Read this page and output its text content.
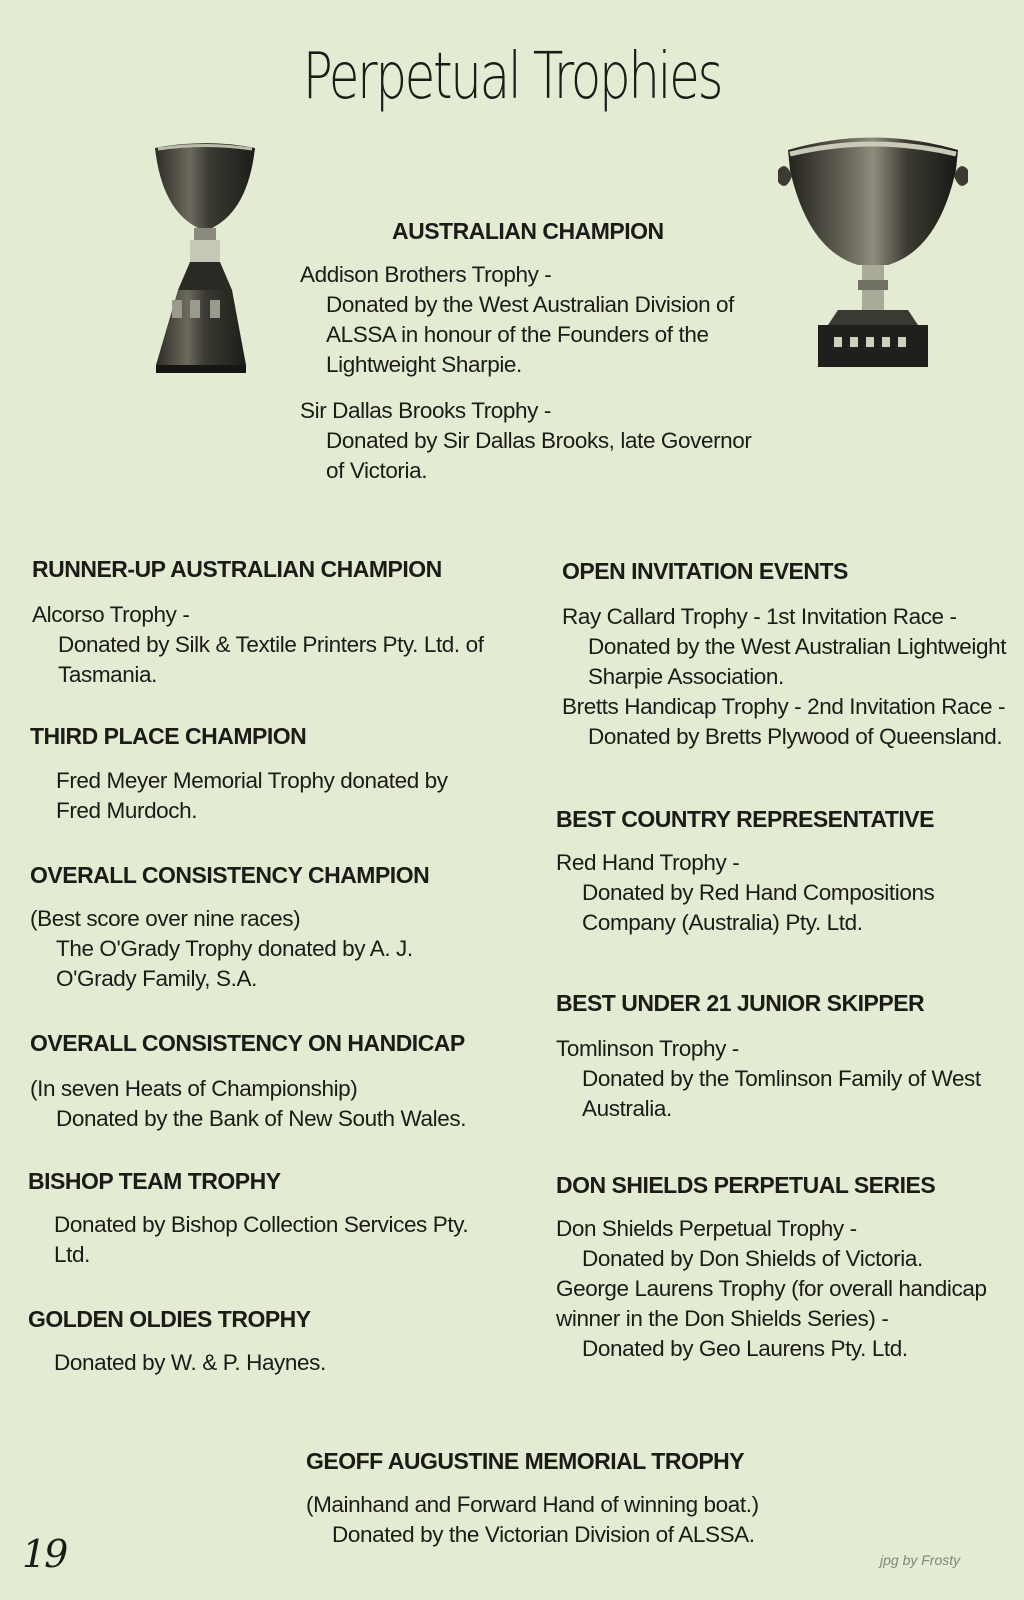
Perpetual Trophies
AUSTRALIAN CHAMPION
Addison Brothers Trophy -
Donated by the West Australian Division of
ALSSA in honour of the Founders of the
Lightweight Sharpie.
Sir Dallas Brooks Trophy -
Donated by Sir Dallas Brooks, late Governor
of Victoria.
RUNNER-UP AUSTRALIAN CHAMPION
Alcorso Trophy -
Donated by Silk & Textile Printers Pty. Ltd. of
Tasmania.
THIRD PLACE CHAMPION
Fred Meyer Memorial Trophy donated by
Fred Murdoch.
OVERALL CONSISTENCY CHAMPION
(Best score over nine races)
The O'Grady Trophy donated by A. J.
O'Grady Family, S.A.
OVERALL CONSISTENCY ON HANDICAP
(In seven Heats of Championship)
Donated by the Bank of New South Wales.
BISHOP TEAM TROPHY
Donated by Bishop Collection Services Pty.
Ltd.
GOLDEN OLDIES TROPHY
Donated by W. & P. Haynes.
OPEN INVITATION EVENTS
Ray Callard Trophy - 1st Invitation Race -
Donated by the West Australian Lightweight
Sharpie Association.
Bretts Handicap Trophy - 2nd Invitation Race -
Donated by Bretts Plywood of Queensland.
BEST COUNTRY REPRESENTATIVE
Red Hand Trophy -
Donated by Red Hand Compositions
Company (Australia) Pty. Ltd.
BEST UNDER 21 JUNIOR SKIPPER
Tomlinson Trophy -
Donated by the Tomlinson Family of West
Australia.
DON SHIELDS PERPETUAL SERIES
Don Shields Perpetual Trophy -
Donated by Don Shields of Victoria.
George Laurens Trophy (for overall handicap
winner in the Don Shields Series) -
Donated by Geo Laurens Pty. Ltd.
GEOFF AUGUSTINE MEMORIAL TROPHY
(Mainhand and Forward Hand of winning boat.)
Donated by the Victorian Division of ALSSA.
19	jpg by Frosty
